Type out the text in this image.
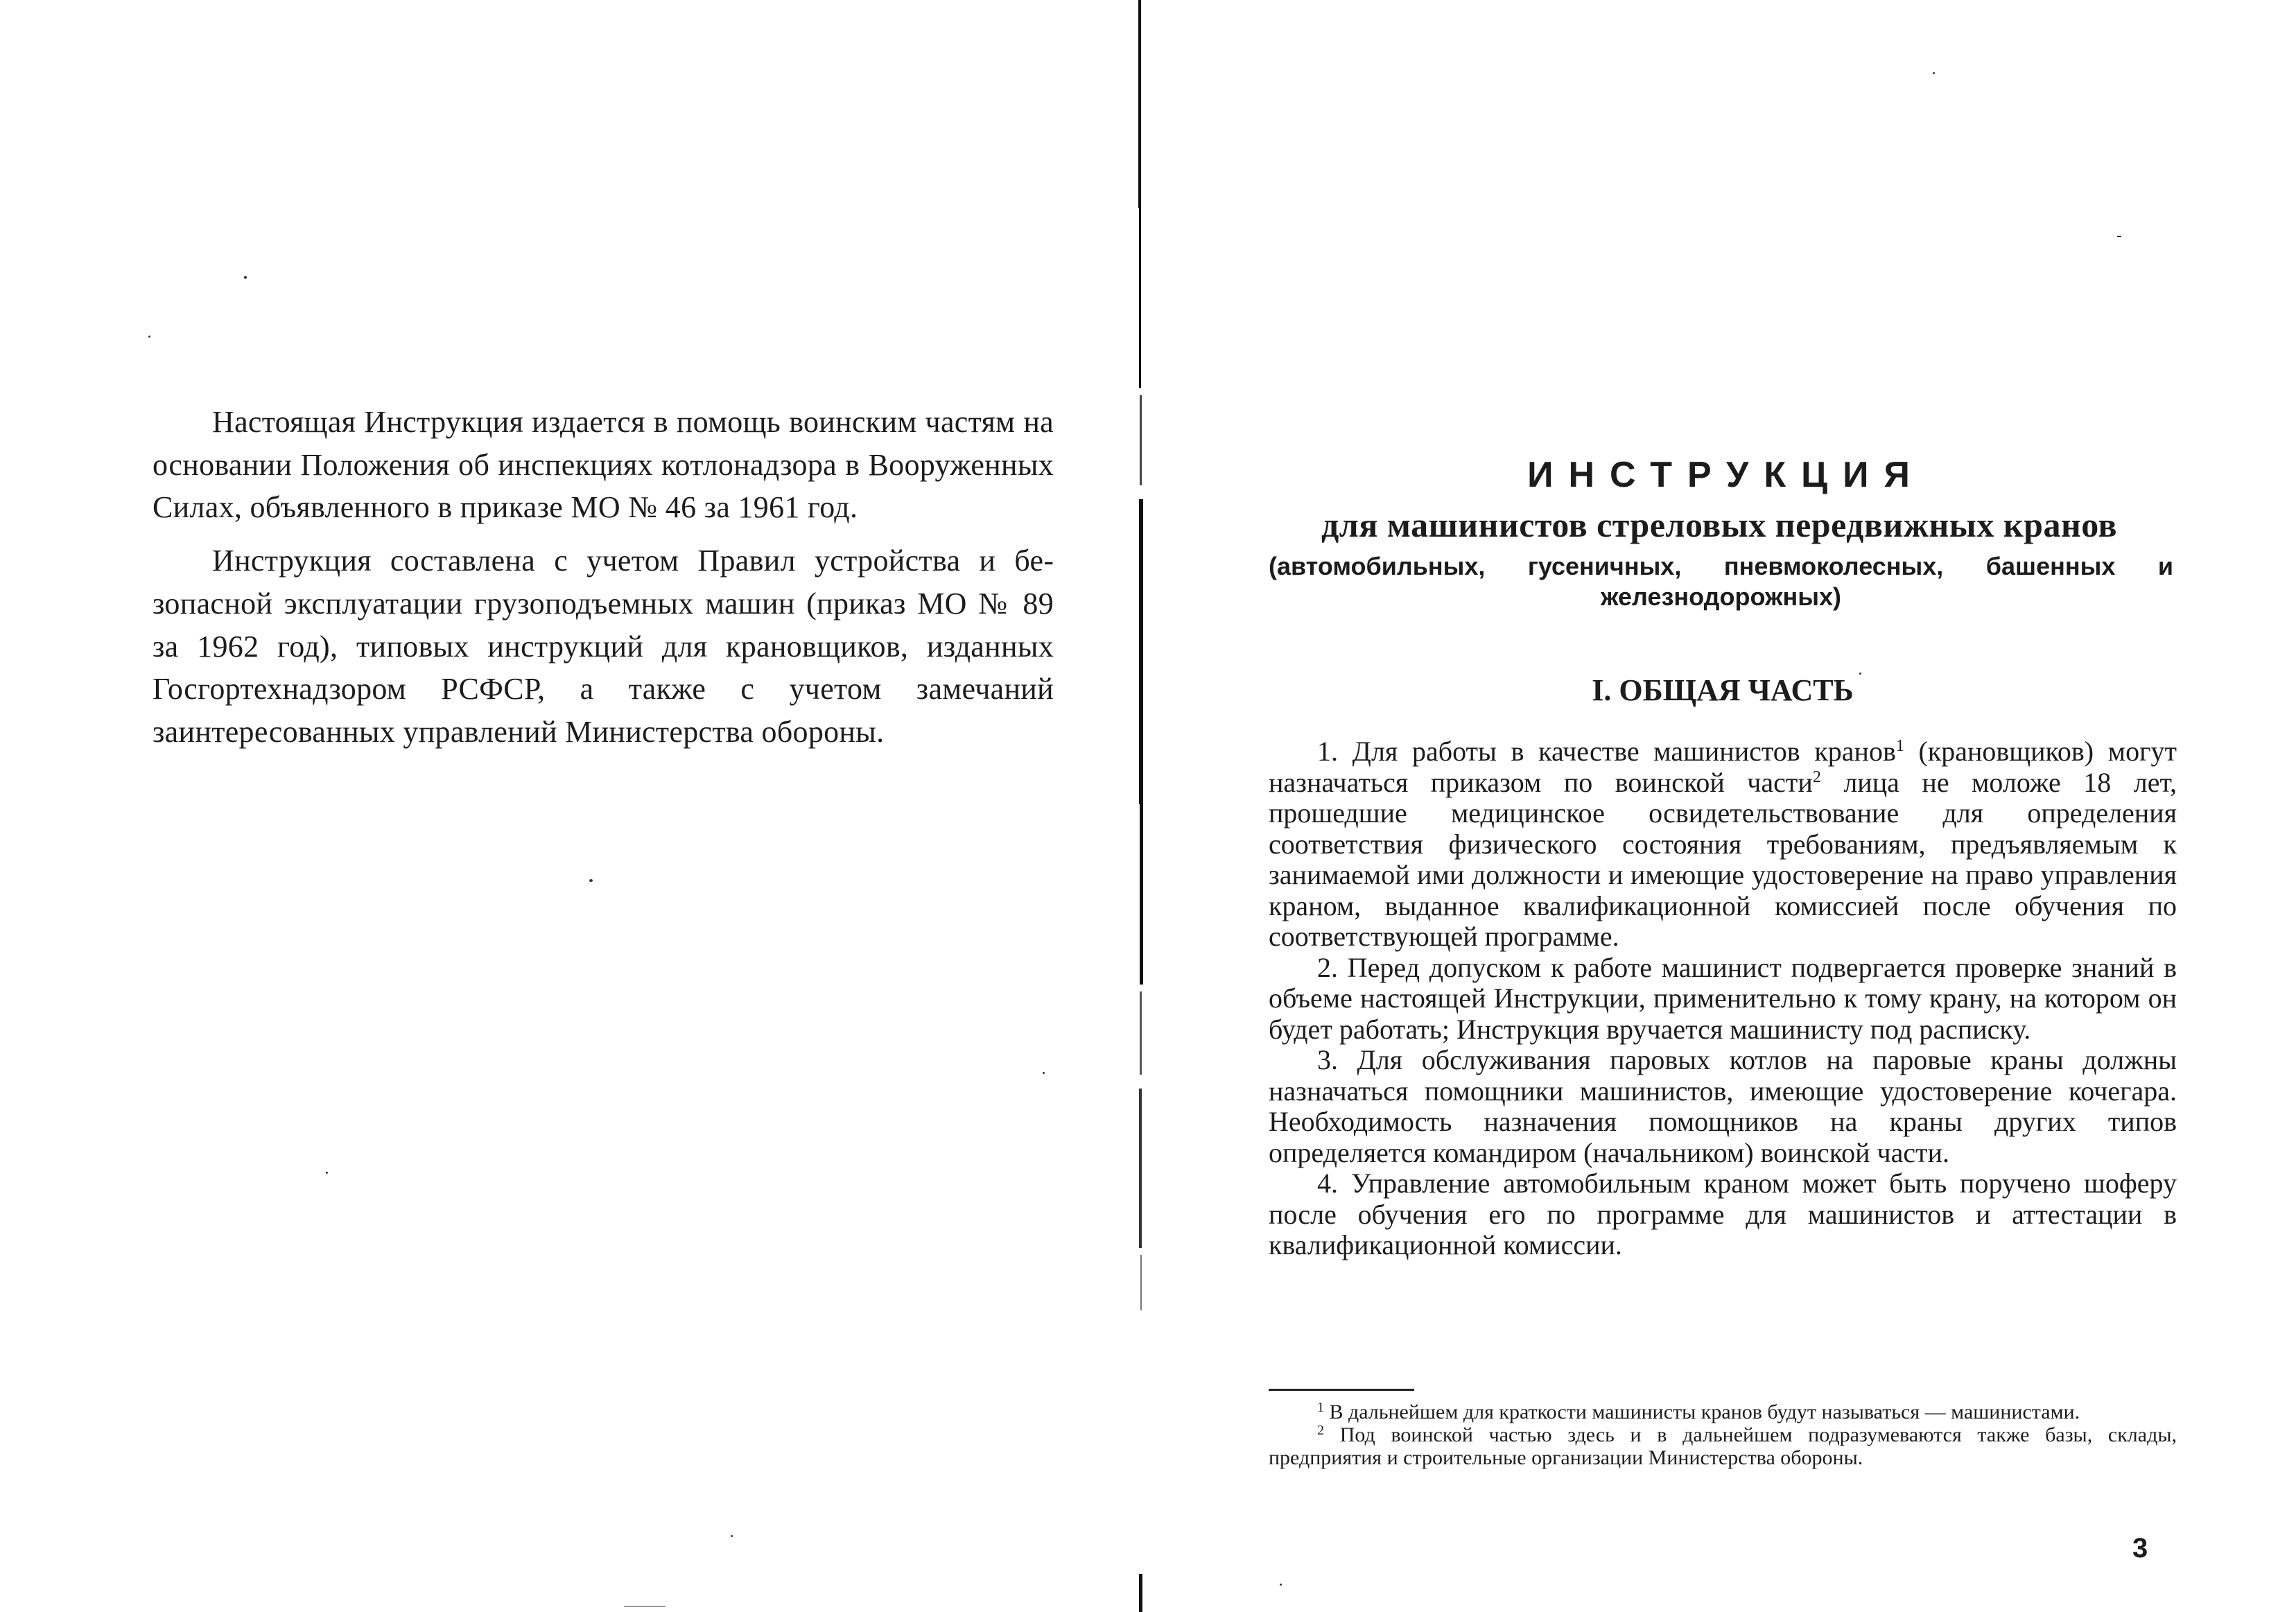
Настоящая Инструкция издается в помощь воинским частям на основании Положения об инспекциях котлонадзора в Вооруженных Силах, объявленного в приказе МО № 46 за 1961 год.

Инструкция составлена с учетом Правил устройства и безопасной эксплуатации грузоподъемных машин (приказ МО № 89 за 1962 год), типовых инструкций для крановщиков, изданных Госгортехнадзором РСФСР, а также с учетом замечаний заинтересованных управлений Министерства обороны.

ИНСТРУКЦИЯ
для машинистов стреловых передвижных кранов
(автомобильных, гусеничных, пневмоколесных, башенных и
железнодорожных)
I. ОБЩАЯ ЧАСТЬ

1. Для работы в качестве машинистов кранов$^1$ (крановщиков) могут назначаться приказом по воинской части$^2$ лица не моложе 18 лет, прошедшие медицинское освидетельствование для определения соответствия физического состояния требованиям, предъявляемым к занимаемой ими должности и имеющие удостоверение на право управления краном, выданное квалификационной комиссией после обучения по соответствующей программе.

2. Перед допуском к работе машинист подвергается проверке знаний в объеме настоящей Инструкции, применительно к тому крану, на котором он будет работать; Инструкция вручается машинисту под расписку.

3. Для обслуживания паровых котлов на паровые краны должны назначаться помощники машинистов, имеющие удостоверение кочегара. Необходимость назначения помощников на краны других типов определяется командиром (начальником) воинской части.

4. Управление автомобильным краном может быть поручено шоферу после обучения его по программе для машинистов и аттестации в квалификационной комиссии.

$^1$ В дальнейшем для краткости машинисты кранов будут называться — машинистами.

$^2$ Под воинской частью здесь и в дальнейшем подразумеваются также базы, склады, предприятия и строительные организации Министерства обороны.

3
